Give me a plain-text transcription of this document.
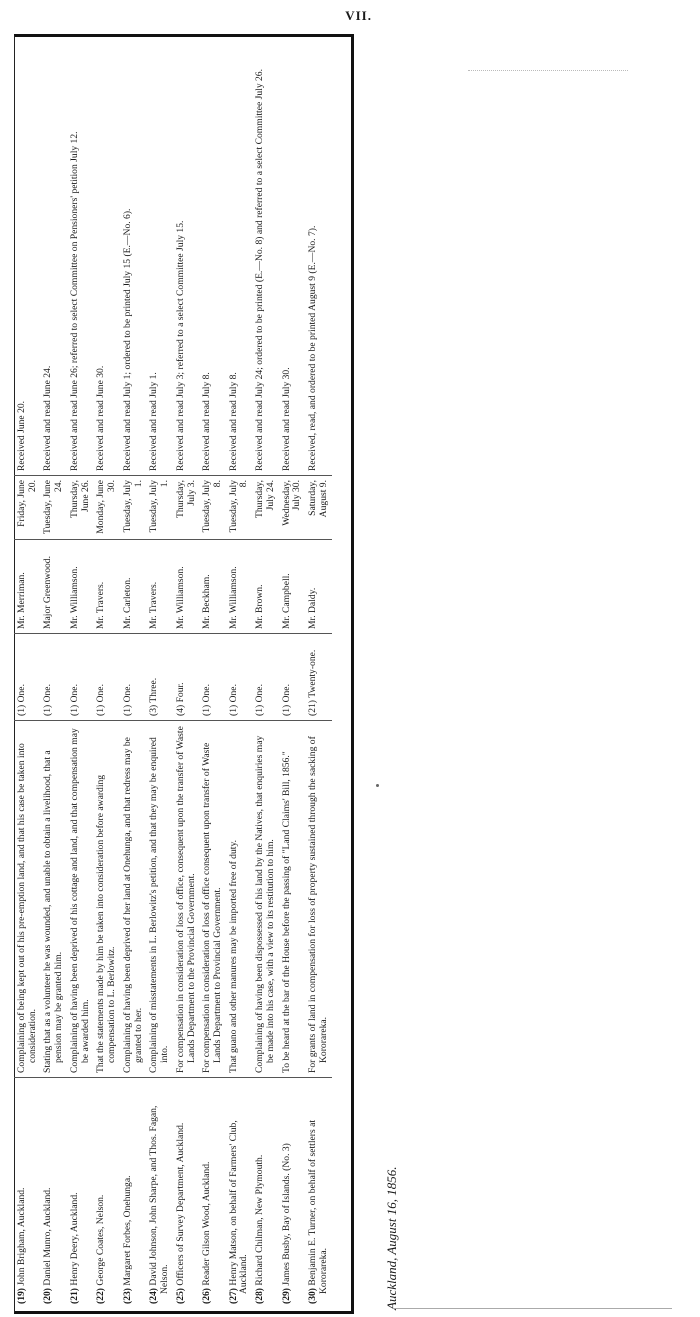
VII.
(19) John Brigham, Auckland.	Complaining of being kept out of his pre-emption land, and that his case be taken into consideration.	(1) One.	Mr. Merriman.	Friday, June 20.	Received June 20.

(20) Daniel Munro, Auckland.	Stating that as a volunteer he was wounded, and unable to obtain a livelihood, that a pension may be granted him.	(1) One.	Major Greenwood.	Tuesday, June 24.	Received and read June 24.

(21) Henry Deery, Auckland.	Complaining of having been deprived of his cottage and land, and that compensation may be awarded him.	(1) One.	Mr. Williamson.	Thursday, June 26.	Received and read June 26; referred to select Committee on Pensioners' petition July 12.

(22) George Coates, Nelson.	That the statements made by him be taken into consideration before awarding compensation to L. Berlowitz.	(1) One.	Mr. Travers.	Monday, June 30.	Received and read June 30.

(23) Margaret Forbes, Onehunga.	Complaining of having been deprived of her land at Onehunga, and that redress may be granted to her.	(1) One.	Mr. Carleton.	Tuesday, July 1.	Received and read July 1; ordered to be printed July 15 (E.—No. 6).

(24) David Johnson, John Sharpe, and Thos. Fagan, Nelson.	Complaining of misstatements in L. Berlowitz's petition, and that they may be enquired into.	(3) Three.	Mr. Travers.	Tuesday, July 1.	Received and read July 1.

(25) Officers of Survey Department, Auckland.	For compensation in consideration of loss of office, consequent upon the transfer of Waste Lands Department to the Provincial Government.	(4) Four.	Mr. Williamson.	Thursday, July 3.	Received and read July 3; referred to a select Committee July 15.

(26) Reader Gilson Wood, Auckland.	For compensation in consideration of loss of office consequent upon transfer of Waste Lands Department to Provincial Government.	(1) One.	Mr. Beckham.	Tuesday, July 8.	Received and read July 8.

(27) Henry Matson, on behalf of Farmers' Club, Auckland.	That guano and other manures may be imported free of duty.	(1) One.	Mr. Williamson.	Tuesday, July 8.	Received and read July 8.

(28) Richard Chilman, New Plymouth.	Complaining of having been dispossessed of his land by the Natives, that enquiries may be made into his case, with a view to its restitution to him.	(1) One.	Mr. Brown.	Thursday, July 24.	Received and read July 24; ordered to be printed (E.—No. 8) and referred to a select Committee July 26.

(29) James Busby, Bay of Islands. (No. 3)	To be heard at the bar of the House before the passing of "Land Claims' Bill, 1856."	(1) One.	Mr. Campbell.	Wednesday, July 30.	Received and read July 30.

(30) Benjamin E. Turner, on behalf of settlers at Kororareka.	For grants of land in compensation for loss of property sustained through the sacking of Kororareka.	(21) Twenty-one.	Mr. Daldy.	Saturday, August 9.	Received, read, and ordered to be printed August 9 (E.—No. 7).
Auckland, August 16, 1856.
